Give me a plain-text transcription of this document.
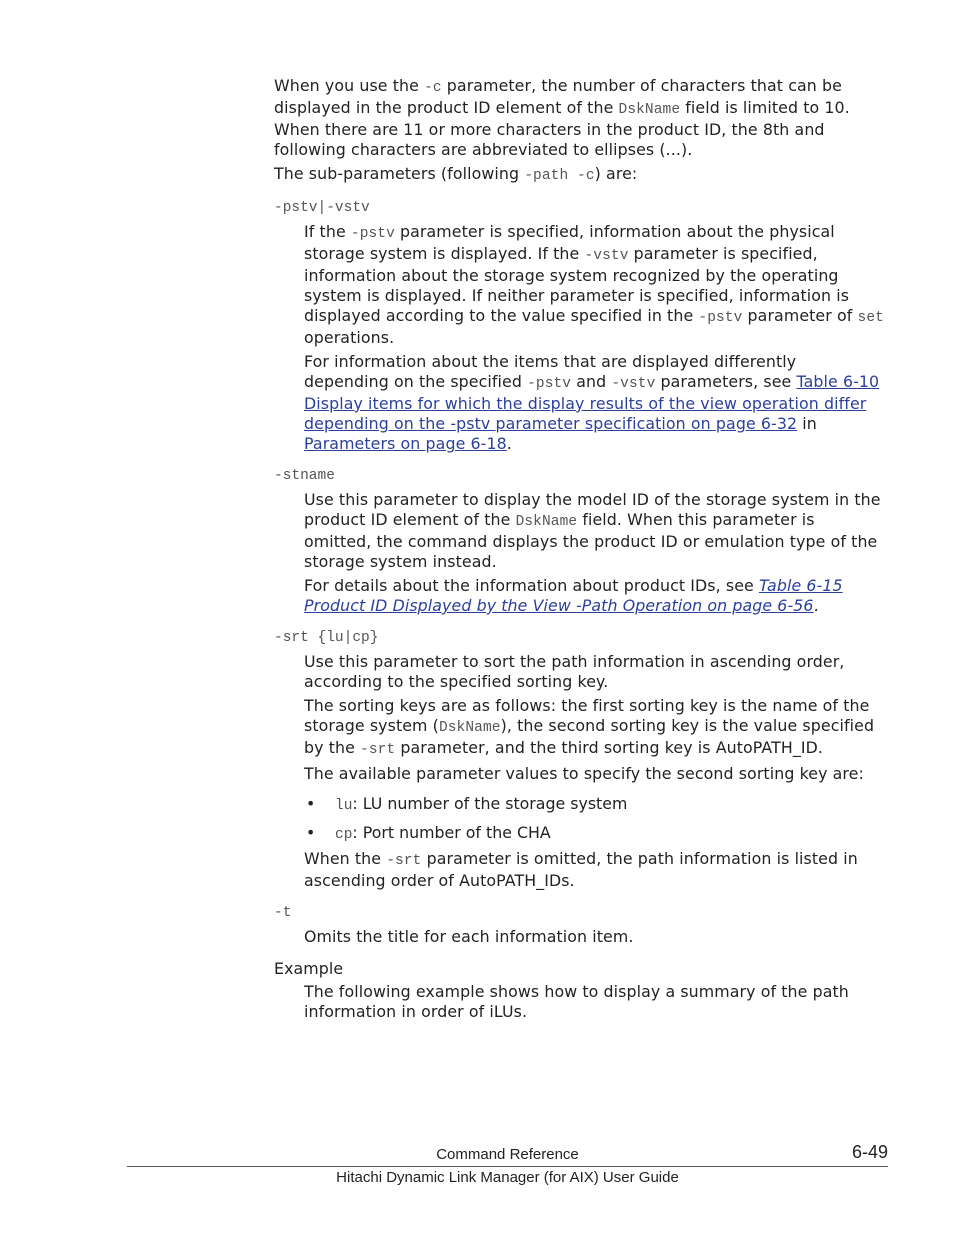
When you use the -c parameter, the number of characters that can be displayed in the product ID element of the DskName field is limited to 10. When there are 11 or more characters in the product ID, the 8th and following characters are abbreviated to ellipses (...).

The sub-parameters (following -path -c) are:

-pstv|-vstv

If the -pstv parameter is specified, information about the physical storage system is displayed. If the -vstv parameter is specified, information about the storage system recognized by the operating system is displayed. If neither parameter is specified, information is displayed according to the value specified in the -pstv parameter of set operations.

For information about the items that are displayed differently depending on the specified -pstv and -vstv parameters, see Table 6-10 Display items for which the display results of the view operation differ depending on the -pstv parameter specification on page 6-32 in Parameters on page 6-18.

-stname

Use this parameter to display the model ID of the storage system in the product ID element of the DskName field. When this parameter is omitted, the command displays the product ID or emulation type of the storage system instead.

For details about the information about product IDs, see Table 6-15 Product ID Displayed by the View -Path Operation on page 6-56.

-srt {lu|cp}

Use this parameter to sort the path information in ascending order, according to the specified sorting key.

The sorting keys are as follows: the first sorting key is the name of the storage system (DskName), the second sorting key is the value specified by the -srt parameter, and the third sorting key is AutoPATH_ID.

The available parameter values to specify the second sorting key are:

• lu: LU number of the storage system
• cp: Port number of the CHA

When the -srt parameter is omitted, the path information is listed in ascending order of AutoPATH_IDs.

-t

Omits the title for each information item.

Example

The following example shows how to display a summary of the path information in order of iLUs.

Command Reference	6-49
Hitachi Dynamic Link Manager (for AIX) User Guide
